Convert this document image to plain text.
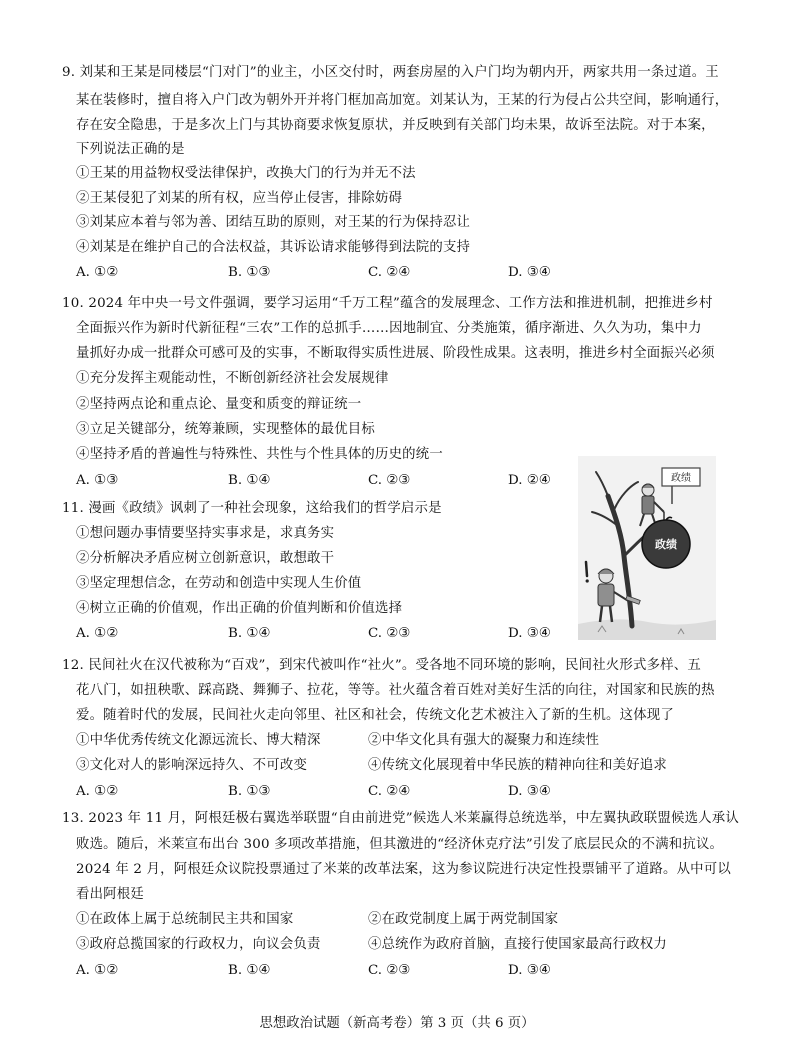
9. 刘某和王某是同楼层“门对门”的业主，小区交付时，两套房屋的入户门均为朝内开，两家共用一条过道。王
某在装修时，擅自将入户门改为朝外开并将门框加高加宽。刘某认为，王某的行为侵占公共空间，影响通行，
存在安全隐患，于是多次上门与其协商要求恢复原状，并反映到有关部门均未果，故诉至法院。对于本案，
下列说法正确的是
①王某的用益物权受法律保护，改换大门的行为并无不法
②王某侵犯了刘某的所有权，应当停止侵害，排除妨碍
③刘某应本着与邻为善、团结互助的原则，对王某的行为保持忍让
④刘某是在维护自己的合法权益，其诉讼请求能够得到法院的支持
A. ①②	B. ①③	C. ②④	D. ③④
10. 2024 年中央一号文件强调，要学习运用“千万工程”蕴含的发展理念、工作方法和推进机制，把推进乡村
全面振兴作为新时代新征程“三农”工作的总抓手……因地制宜、分类施策，循序渐进、久久为功，集中力
量抓好办成一批群众可感可及的实事，不断取得实质性进展、阶段性成果。这表明，推进乡村全面振兴必须
①充分发挥主观能动性，不断创新经济社会发展规律
②坚持两点论和重点论、量变和质变的辩证统一
③立足关键部分，统筹兼顾，实现整体的最优目标
④坚持矛盾的普遍性与特殊性、共性与个性具体的历史的统一
A. ①③	B. ①④	C. ②③	D. ②④
11. 漫画《政绩》讽刺了一种社会现象，这给我们的哲学启示是
①想问题办事情要坚持实事求是，求真务实
②分析解决矛盾应树立创新意识，敢想敢干
③坚定理想信念，在劳动和创造中实现人生价值
④树立正确的价值观，作出正确的价值判断和价值选择
A. ①②	B. ①④	C. ②③	D. ③④
政绩
政绩
12. 民间社火在汉代被称为“百戏”，到宋代被叫作“社火”。受各地不同环境的影响，民间社火形式多样、五
花八门，如扭秧歌、踩高跷、舞狮子、拉花，等等。社火蕴含着百姓对美好生活的向往，对国家和民族的热
爱。随着时代的发展，民间社火走向邻里、社区和社会，传统文化艺术被注入了新的生机。这体现了
①中华优秀传统文化源远流长、博大精深	②中华文化具有强大的凝聚力和连续性
③文化对人的影响深远持久、不可改变	④传统文化展现着中华民族的精神向往和美好追求
A. ①②	B. ①③	C. ②④	D. ③④
13. 2023 年 11 月，阿根廷极右翼选举联盟“自由前进党”候选人米莱赢得总统选举，中左翼执政联盟候选人承认
败选。随后，米莱宣布出台 300 多项改革措施，但其激进的“经济休克疗法”引发了底层民众的不满和抗议。
2024 年 2 月，阿根廷众议院投票通过了米莱的改革法案，这为参议院进行决定性投票铺平了道路。从中可以
看出阿根廷
①在政体上属于总统制民主共和国家	②在政党制度上属于两党制国家
③政府总揽国家的行政权力，向议会负责	④总统作为政府首脑，直接行使国家最高行政权力
A. ①②	B. ①④	C. ②③	D. ③④
思想政治试题（新高考卷）第 3 页（共 6 页）
